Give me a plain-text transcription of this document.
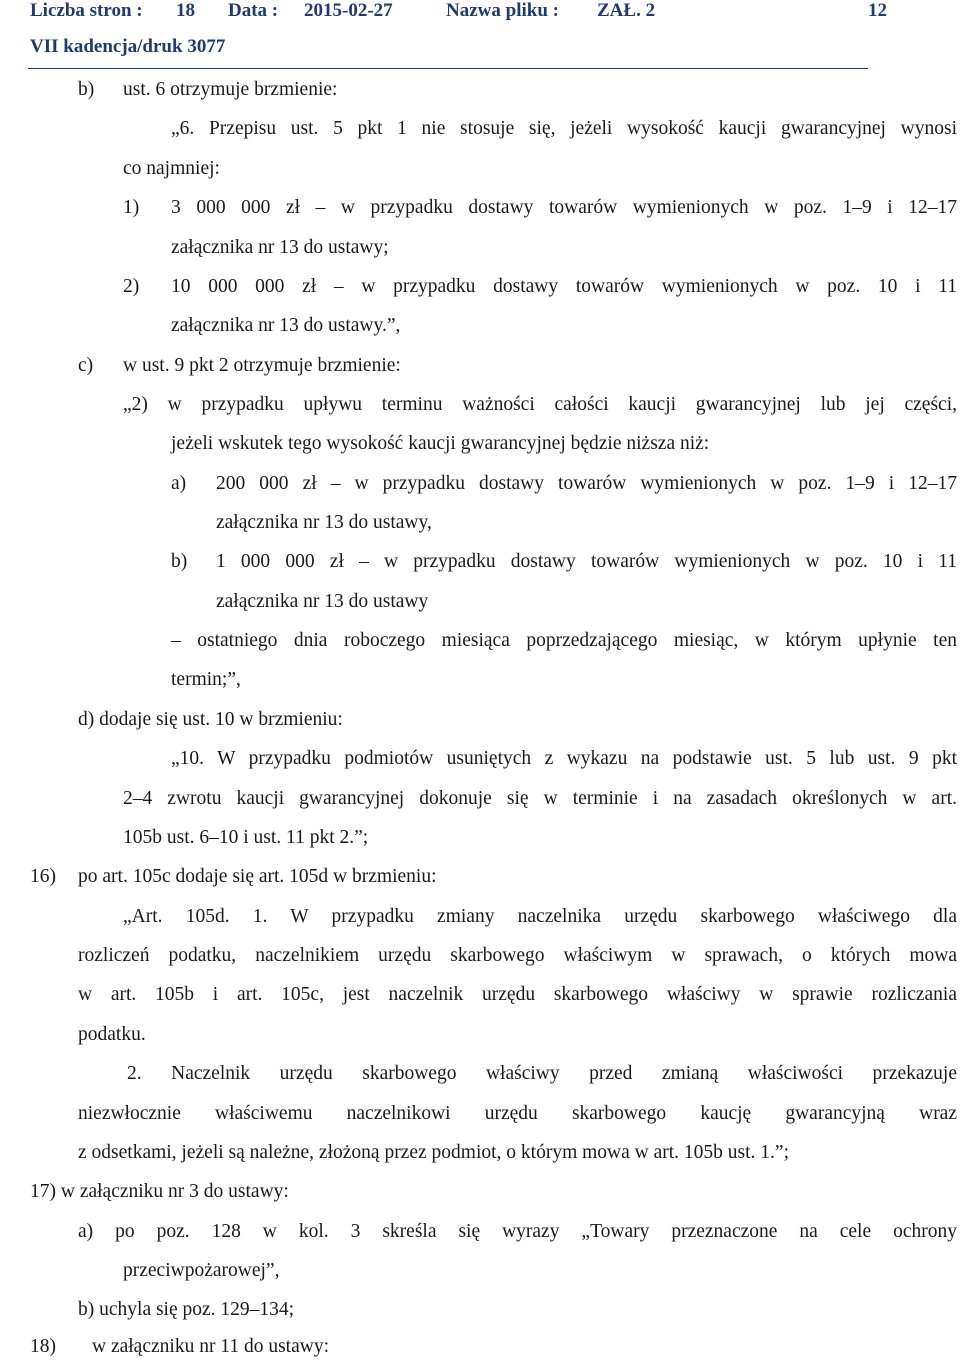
Liczba stron : 18 Data : 2015-02-27	Nazwa pliku : ZAŁ. 2	12
VII kadencja/druk 3077
b) ust. 6 otrzymuje brzmienie:
„6. Przepisu ust. 5 pkt 1 nie stosuje się, jeżeli wysokość kaucji gwarancyjnej wynosi
co najmniej:
1) 3 000 000 zł – w przypadku dostawy towarów wymienionych w poz. 1–9 i 12–17
załącznika nr 13 do ustawy;
2) 10 000 000 zł – w przypadku dostawy towarów wymienionych w poz. 10 i 11
załącznika nr 13 do ustawy.”,
c) w ust. 9 pkt 2 otrzymuje brzmienie:
„2) w przypadku upływu terminu ważności całości kaucji gwarancyjnej lub jej części,
jeżeli wskutek tego wysokość kaucji gwarancyjnej będzie niższa niż:
a) 200 000 zł – w przypadku dostawy towarów wymienionych w poz. 1–9 i 12–17
załącznika nr 13 do ustawy,
b) 1 000 000 zł – w przypadku dostawy towarów wymienionych w poz. 10 i 11
załącznika nr 13 do ustawy
– ostatniego dnia roboczego miesiąca poprzedzającego miesiąc, w którym upłynie ten
termin;”,
d) dodaje się ust. 10 w brzmieniu:
„10. W przypadku podmiotów usuniętych z wykazu na podstawie ust. 5 lub ust. 9 pkt
2–4 zwrotu kaucji gwarancyjnej dokonuje się w terminie i na zasadach określonych w art.
105b ust. 6–10 i ust. 11 pkt 2.”;
16) po art. 105c dodaje się art. 105d w brzmieniu:
„Art. 105d. 1. W przypadku zmiany naczelnika urzędu skarbowego właściwego dla
rozliczeń podatku, naczelnikiem urzędu skarbowego właściwym w sprawach, o których mowa
w art. 105b i art. 105c, jest naczelnik urzędu skarbowego właściwy w sprawie rozliczania
podatku.
2. Naczelnik urzędu skarbowego właściwy przed zmianą właściwości przekazuje
niezwłocznie właściwemu naczelnikowi urzędu skarbowego kaucję gwarancyjną wraz
z odsetkami, jeżeli są należne, złożoną przez podmiot, o którym mowa w art. 105b ust. 1.”;
17) w załączniku nr 3 do ustawy:
a) po poz. 128 w kol. 3 skreśla się wyrazy „Towary przeznaczone na cele ochrony
przeciwpożarowej”,
b) uchyla się poz. 129–134;
18) w załączniku nr 11 do ustawy:
